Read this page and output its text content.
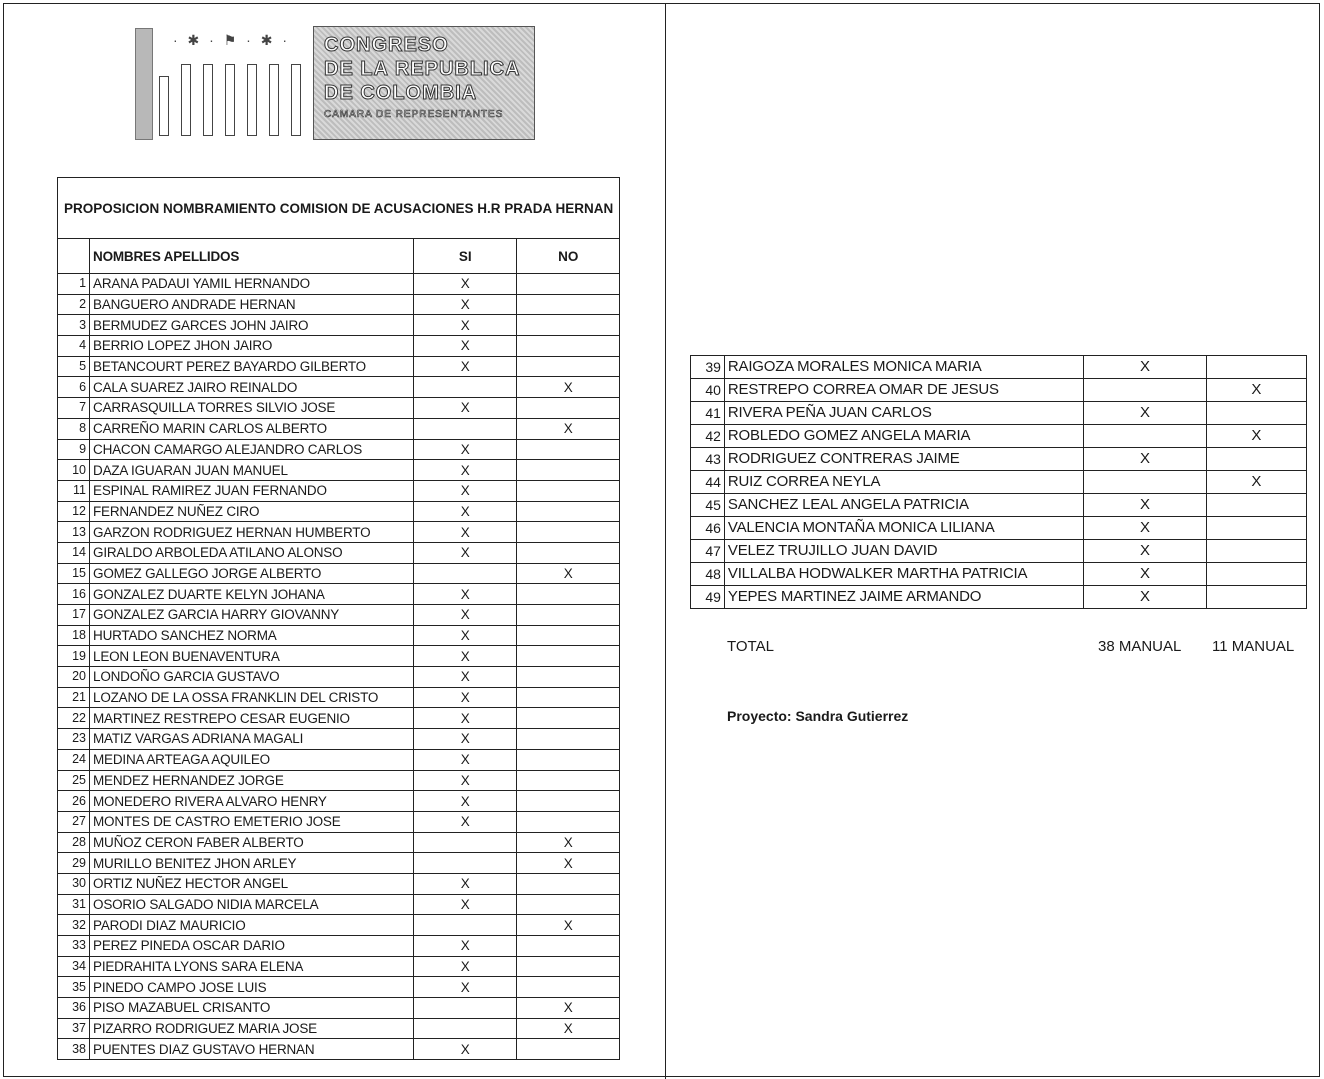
· ✱ · ⚑ · ✱ · CONGRESO
DE LA REPUBLICA
DE COLOMBIA
CAMARA DE REPRESENTANTES
PROPOSICION NOMBRAMIENTO COMISION DE ACUSACIONES H.R PRADA HERNAN			
	NOMBRES APELLIDOS	SI	NO
1	ARANA PADAUI YAMIL HERNANDO	X	
2	BANGUERO ANDRADE HERNAN	X	
3	BERMUDEZ GARCES JOHN JAIRO	X	
4	BERRIO LOPEZ JHON JAIRO	X	
5	BETANCOURT PEREZ BAYARDO GILBERTO	X	
6	CALA SUAREZ JAIRO REINALDO		X
7	CARRASQUILLA TORRES SILVIO JOSE	X	
8	CARREÑO MARIN CARLOS ALBERTO		X
9	CHACON CAMARGO ALEJANDRO CARLOS	X	
10	DAZA IGUARAN JUAN MANUEL	X	
11	ESPINAL RAMIREZ JUAN FERNANDO	X	
12	FERNANDEZ NUÑEZ CIRO	X	
13	GARZON RODRIGUEZ HERNAN HUMBERTO	X	
14	GIRALDO ARBOLEDA ATILANO ALONSO	X	
15	GOMEZ GALLEGO JORGE ALBERTO		X
16	GONZALEZ DUARTE KELYN JOHANA	X	
17	GONZALEZ GARCIA HARRY GIOVANNY	X	
18	HURTADO SANCHEZ NORMA	X	
19	LEON LEON BUENAVENTURA	X	
20	LONDOÑO GARCIA GUSTAVO	X	
21	LOZANO DE LA OSSA FRANKLIN DEL CRISTO	X	
22	MARTINEZ RESTREPO CESAR EUGENIO	X	
23	MATIZ VARGAS ADRIANA MAGALI	X	
24	MEDINA ARTEAGA AQUILEO	X	
25	MENDEZ HERNANDEZ JORGE	X	
26	MONEDERO RIVERA ALVARO HENRY	X	
27	MONTES DE CASTRO EMETERIO JOSE	X	
28	MUÑOZ CERON FABER ALBERTO		X
29	MURILLO BENITEZ JHON ARLEY		X
30	ORTIZ NUÑEZ HECTOR ANGEL	X	
31	OSORIO SALGADO NIDIA MARCELA	X	
32	PARODI DIAZ MAURICIO		X
33	PEREZ PINEDA OSCAR DARIO	X	
34	PIEDRAHITA LYONS SARA ELENA	X	
35	PINEDO CAMPO JOSE LUIS	X	
36	PISO MAZABUEL CRISANTO		X
37	PIZARRO RODRIGUEZ MARIA JOSE		X
38	PUENTES DIAZ GUSTAVO HERNAN	X	
39	RAIGOZA MORALES MONICA MARIA	X	
40	RESTREPO CORREA OMAR DE JESUS		X
41	RIVERA PEÑA JUAN CARLOS	X	
42	ROBLEDO GOMEZ ANGELA MARIA		X
43	RODRIGUEZ CONTRERAS JAIME	X	
44	RUIZ CORREA NEYLA		X
45	SANCHEZ LEAL ANGELA PATRICIA	X	
46	VALENCIA MONTAÑA MONICA LILIANA	X	
47	VELEZ TRUJILLO JUAN DAVID	X	
48	VILLALBA HODWALKER MARTHA PATRICIA	X	
49	YEPES MARTINEZ JAIME ARMANDO	X	
TOTAL	38 MANUAL 11 MANUAL
Proyecto: Sandra Gutierrez
